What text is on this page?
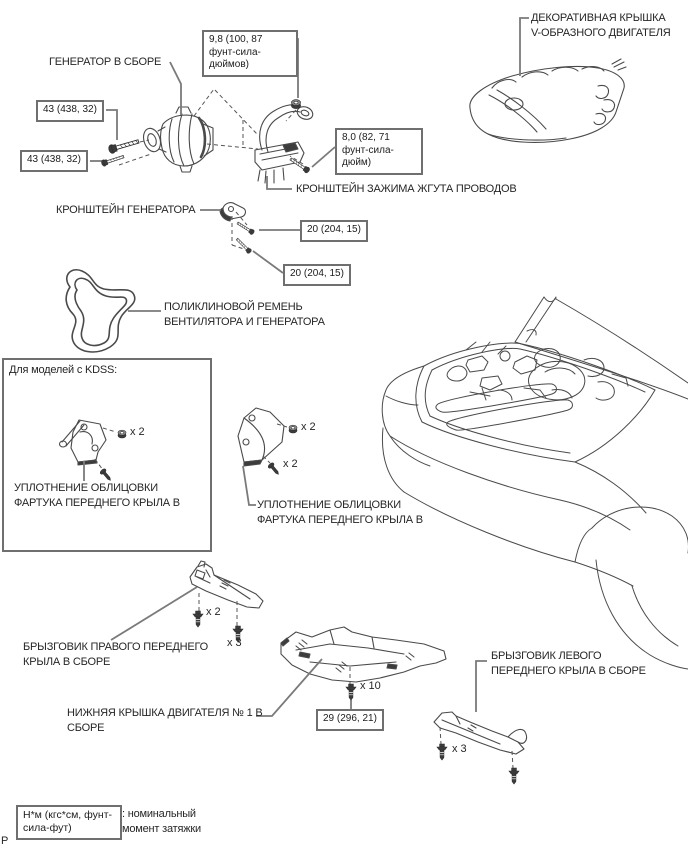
ГЕНЕРАТОР В СБОРЕ
43 (438, 32)
43 (438, 32)
9,8 (100, 87 фунт-сила-дюймов)
8,0 (82, 71 фунт-сила-дюйм)
ДЕКОРАТИВНАЯ КРЫШКА V-ОБРАЗНОГО ДВИГАТЕЛЯ
КРОНШТЕЙН ЗАЖИМА ЖГУТА ПРОВОДОВ
КРОНШТЕЙН ГЕНЕРАТОРА
20 (204, 15)
20 (204, 15)
ПОЛИКЛИНОВОЙ РЕМЕНЬ ВЕНТИЛЯТОРА И ГЕНЕРАТОРА
Для моделей с KDSS:
УПЛОТНЕНИЕ ОБЛИЦОВКИ ФАРТУКА ПЕРЕДНЕГО КРЫЛА В	УПЛОТНЕНИЕ ОБЛИЦОВКИ ФАРТУКА ПЕРЕДНЕГО КРЫЛА В
БРЫЗГОВИК ПРАВОГО ПЕРЕДНЕГО КРЫЛА В СБОРЕ
НИЖНЯЯ КРЫШКА ДВИГАТЕЛЯ № 1 В СБОРЕ
29 (296, 21)
БРЫЗГОВИК ЛЕВОГО ПЕРЕДНЕГО КРЫЛА В СБОРЕ
x 2	x 2
x 2
x 2
x 3
x 10
x 3
Н*м (кгс*см, фунт-сила-фут)
: номинальный момент затяжки
P
